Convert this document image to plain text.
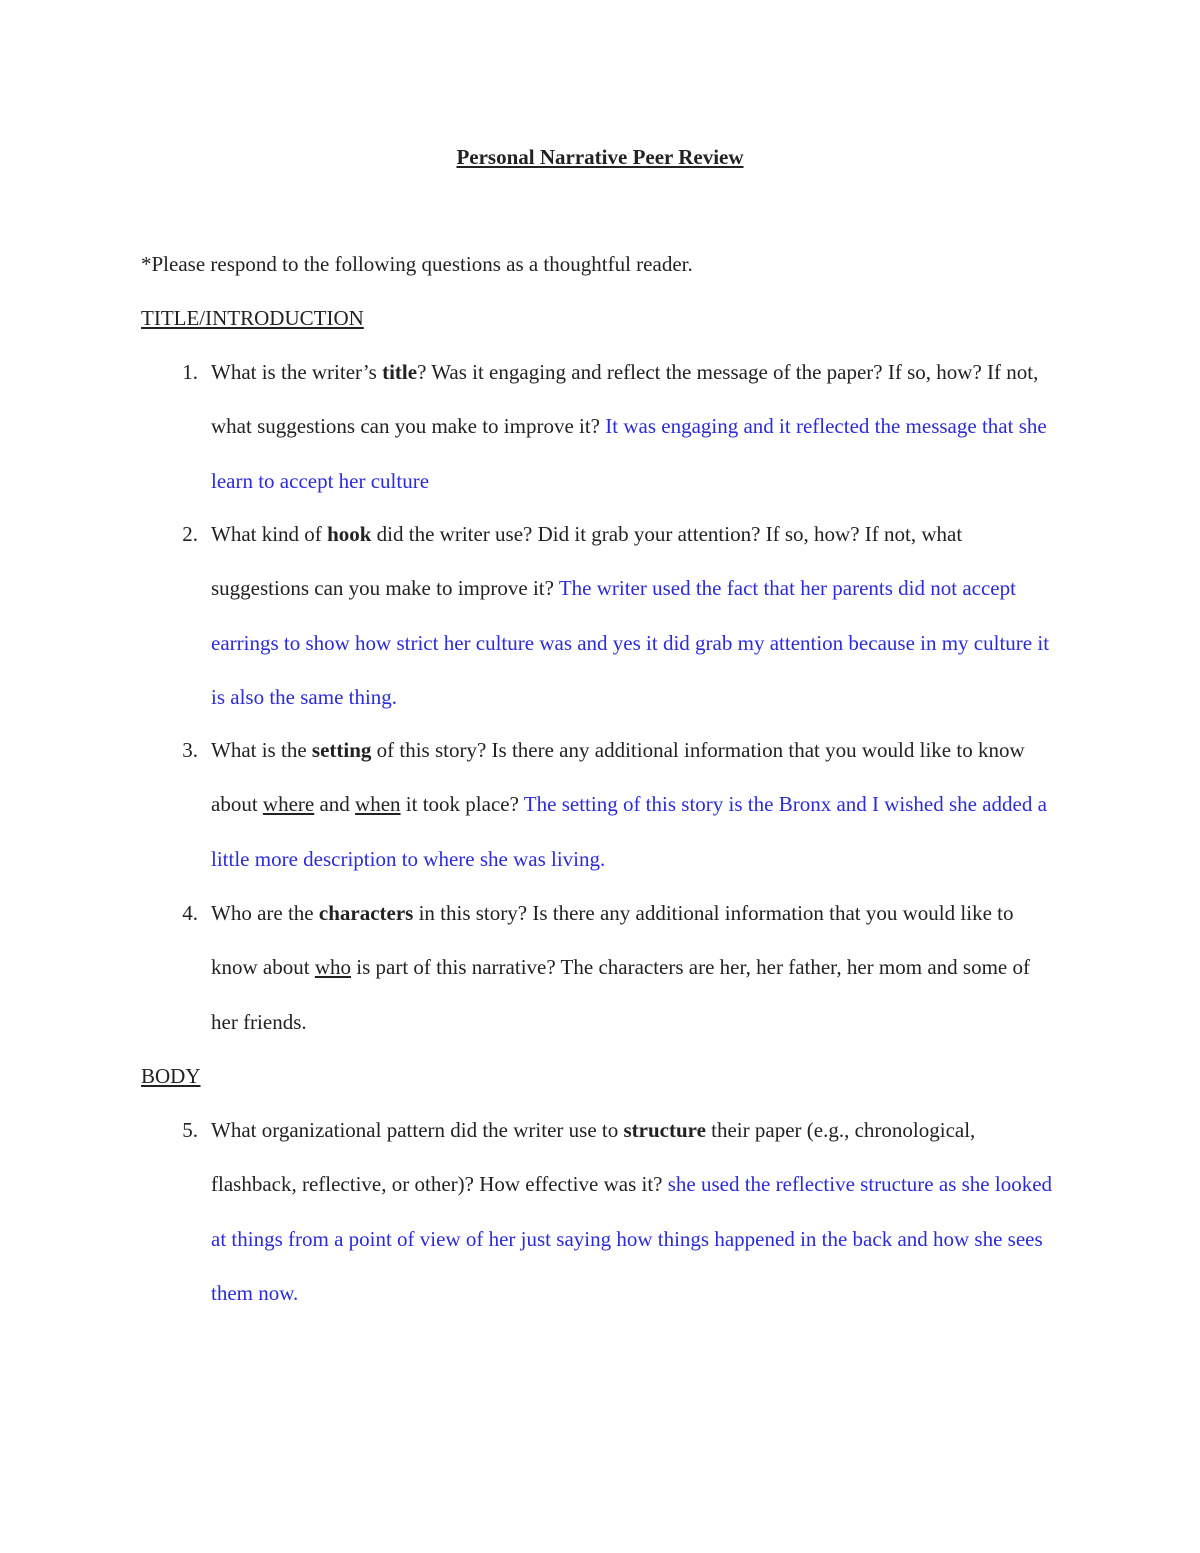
Personal Narrative Peer Review
*Please respond to the following questions as a thoughtful reader.
TITLE/INTRODUCTION
1. What is the writer’s title? Was it engaging and reflect the message of the paper? If so, how? If not, what suggestions can you make to improve it? It was engaging and it reflected the message that she learn to accept her culture
2. What kind of hook did the writer use? Did it grab your attention? If so, how? If not, what suggestions can you make to improve it? The writer used the fact that her parents did not accept earrings to show how strict her culture was and yes it did grab my attention because in my culture it is also the same thing.
3. What is the setting of this story? Is there any additional information that you would like to know about where and when it took place? The setting of this story is the Bronx and I wished she added a little more description to where she was living.
4. Who are the characters in this story? Is there any additional information that you would like to know about who is part of this narrative? The characters are her, her father, her mom and some of her friends.
BODY
5. What organizational pattern did the writer use to structure their paper (e.g., chronological, flashback, reflective, or other)? How effective was it? she used the reflective structure as she looked at things from a point of view of her just saying how things happened in the back and how she sees them now.
